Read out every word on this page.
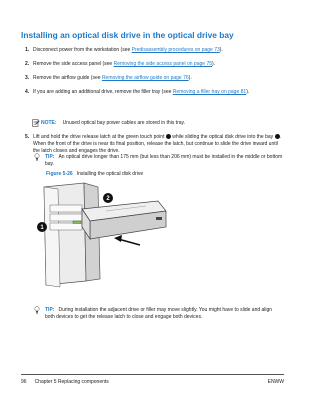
Installing an optical disk drive in the optical drive bay
1. Disconnect power from the workstation (see Predisassembly procedures on page 73).
2. Remove the side access panel (see Removing the side access panel on page 75).
3. Remove the airflow guide (see Removing the airflow guide on page 76).
4. If you are adding an additional drive, remove the filler tray (see Removing a filler tray on page 81).
NOTE: Unused optical bay power cables are stored in this tray.
5. Lift and hold the drive release latch at the green touch point  while sliding the optical disk drive into the bay . When the front of the drive is near its final position, release the latch, but continue to slide the drive inward until the latch closes and engages the drive.
TIP: An optical drive longer than 175 mm (but less than 206 mm) must be installed in the middle or bottom bay.
Figure 5-26 Installing the optical disk drive
1
2
TIP: During installation the adjacent drive or filler may move slightly. You might have to slide and align both devices to get the release latch to close and engage both devices.
96 Chapter 5 Replacing components	ENWW
